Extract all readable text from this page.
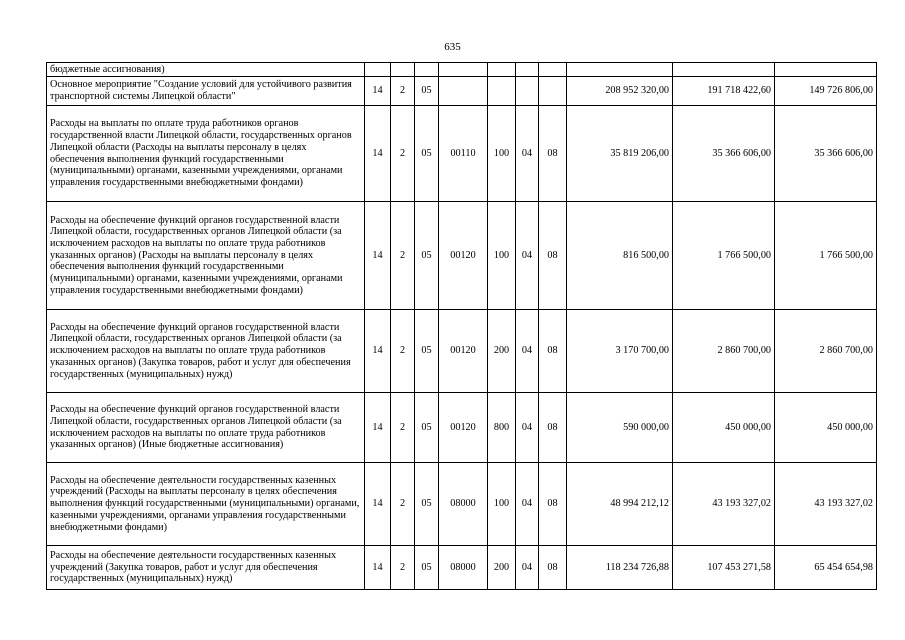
635
бюджетные ассигнования)										
Основное мероприятие "Создание условий для устойчивого развития транспортной системы Липецкой области"	14	2	05					208 952 320,00	191 718 422,60	149 726 806,00
Расходы на выплаты по оплате труда работников органов государственной власти Липецкой области, государственных органов Липецкой области (Расходы на выплаты персоналу в целях обеспечения выполнения функций государственными (муниципальными) органами, казенными учреждениями, органами управления государственными внебюджетными фондами)	14	2	05	00110	100	04	08	35 819 206,00	35 366 606,00	35 366 606,00
Расходы на обеспечение функций органов государственной власти Липецкой области, государственных органов Липецкой области (за исключением расходов на выплаты по оплате труда работников указанных органов) (Расходы на выплаты персоналу в целях обеспечения выполнения функций государственными (муниципальными) органами, казенными учреждениями, органами управления государственными внебюджетными фондами)	14	2	05	00120	100	04	08	816 500,00	1 766 500,00	1 766 500,00
Расходы на обеспечение функций органов государственной власти Липецкой области, государственных органов Липецкой области (за исключением расходов на выплаты по оплате труда работников указанных органов) (Закупка товаров, работ и услуг для обеспечения государственных (муниципальных) нужд)	14	2	05	00120	200	04	08	3 170 700,00	2 860 700,00	2 860 700,00
Расходы на обеспечение функций органов государственной власти Липецкой области, государственных органов Липецкой области (за исключением расходов на выплаты по оплате труда работников указанных органов) (Иные бюджетные ассигнования)	14	2	05	00120	800	04	08	590 000,00	450 000,00	450 000,00
Расходы на обеспечение деятельности государственных казенных учреждений (Расходы на выплаты персоналу в целях обеспечения выполнения функций государственными (муниципальными) органами, казенными учреждениями, органами управления государственными внебюджетными фондами)	14	2	05	08000	100	04	08	48 994 212,12	43 193 327,02	43 193 327,02
Расходы на обеспечение деятельности государственных казенных учреждений (Закупка товаров, работ и услуг для обеспечения государственных (муниципальных) нужд)	14	2	05	08000	200	04	08	118 234 726,88	107 453 271,58	65 454 654,98
